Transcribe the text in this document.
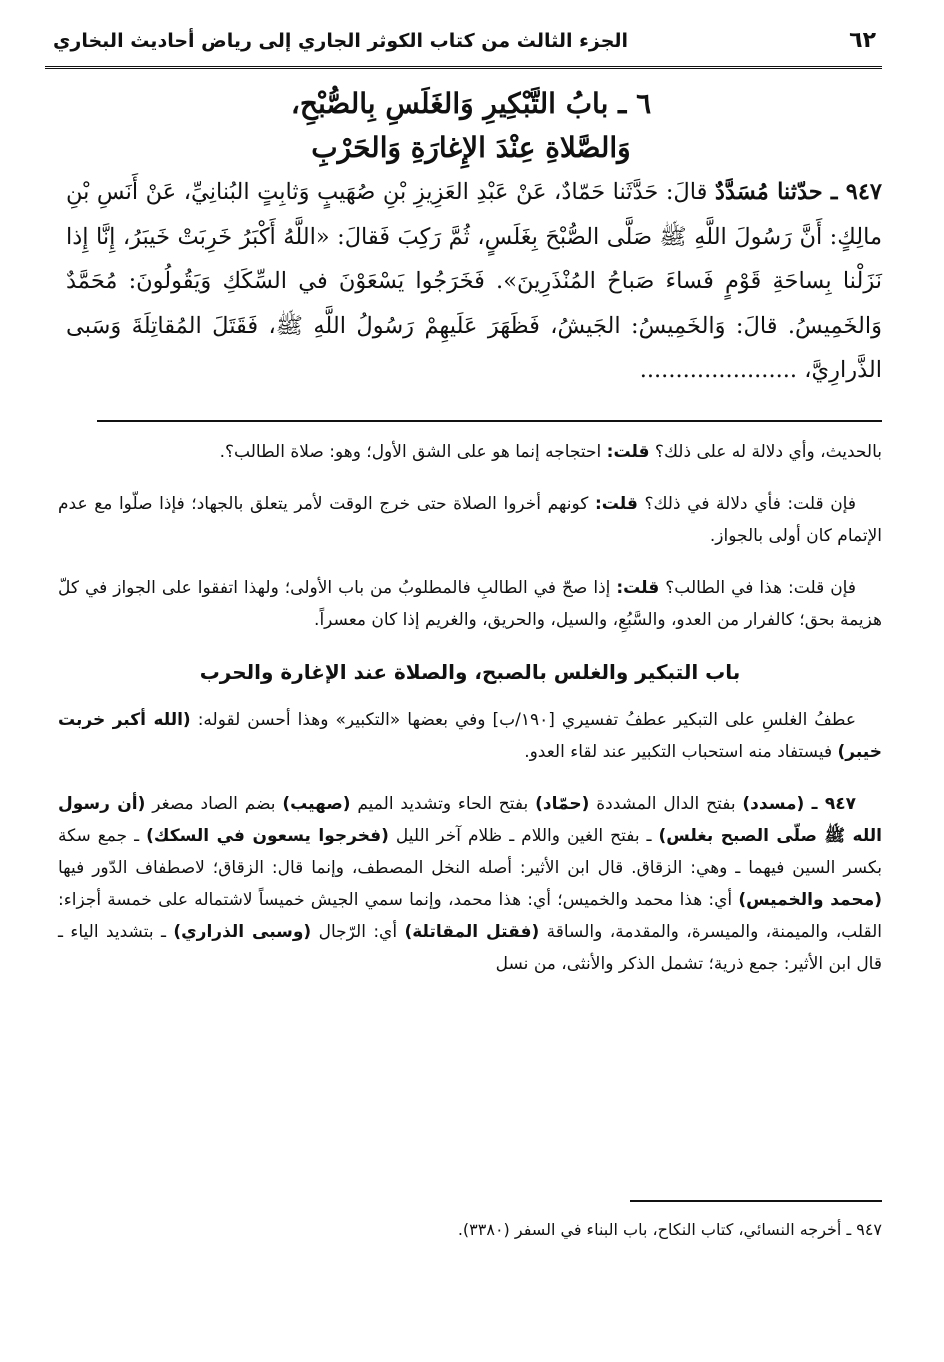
٦٢
الجزء الثالث من كتاب الكوثر الجاري إلى رياض أحاديث البخاري
٦ ـ بابُ التَّبْكِيرِ وَالغَلَسِ بِالصُّبْحِ،
وَالصَّلاةِ عِنْدَ الإِغارَةِ وَالحَرْبِ
٩٤٧ ـ حدّثنا مُسَدَّدٌ قالَ: حَدَّثَنا حَمّادٌ، عَنْ عَبْدِ العَزِيزِ بْنِ صُهَيبٍ وَثابِتٍ البُنانِيِّ، عَنْ أَنَسِ بْنِ مالِكٍ: أَنَّ رَسُولَ اللَّهِ ﷺ صَلَّى الصُّبْحَ بِغَلَسٍ، ثُمَّ رَكِبَ فَقالَ: «اللَّهُ أَكْبَرُ خَرِبَتْ خَيبَرُ، إِنَّا إِذا نَزَلْنا بِساحَةِ قَوْمٍ فَساءَ صَباحُ المُنْذَرِينَ». فَخَرَجُوا يَسْعَوْنَ في السِّكَكِ وَيَقُولُونَ: مُحَمَّدٌ وَالخَمِيسُ. قالَ: وَالخَمِيسُ: الجَيشُ، فَظَهَرَ عَلَيهِمْ رَسُولُ اللَّهِ ﷺ، فَقَتَلَ المُقاتِلَةَ وَسَبى الذَّرارِيَّ، ......................

بالحديث، وأي دلالة له على ذلك؟ قلت: احتجاجه إنما هو على الشق الأول؛ وهو: صلاة الطالب؟.

فإن قلت: فأي دلالة في ذلك؟ قلت: كونهم أخروا الصلاة حتى خرج الوقت لأمر يتعلق بالجهاد؛ فإذا صلّوا مع عدم الإتمام كان أولى بالجواز.

فإن قلت: هذا في الطالب؟ قلت: إذا صحّ في الطالبِ فالمطلوبُ من باب الأولى؛ ولهذا اتفقوا على الجواز في كلّ هزيمة بحق؛ كالفرار من العدو، والسَّبُعِ، والسيل، والحريق، والغريم إذا كان معسراً.

باب التبكير والغلس بالصبح، والصلاة عند الإغارة والحرب

عطفُ الغلسِ على التبكير عطفُ تفسيري [١٩٠/ب] وفي بعضها «التكبير» وهذا أحسن لقوله: (الله أكبر خربت خيبر) فيستفاد منه استحباب التكبير عند لقاء العدو.

٩٤٧ ـ (مسدد) بفتح الدال المشددة (حمّاد) بفتح الحاء وتشديد الميم (صهيب) بضم الصاد مصغر (أن رسول الله ﷺ صلّى الصبح بغلس) ـ بفتح الغين واللام ـ ظلام آخر الليل (فخرجوا يسعون في السكك) ـ جمع سكة بكسر السين فيهما ـ وهي: الزقاق. قال ابن الأثير: أصله النخل المصطف، وإنما قال: الزقاق؛ لاصطفاف الدّور فيها (محمد والخميس) أي: هذا محمد والخميس؛ أي: هذا محمد، وإنما سمي الجيش خميساً لاشتماله على خمسة أجزاء: القلب، والميمنة، والميسرة، والمقدمة، والساقة (فقتل المقاتلة) أي: الرّجال (وسبى الذراري) ـ بتشديد الياء ـ قال ابن الأثير: جمع ذرية؛ تشمل الذكر والأنثى، من نسل

٩٤٧ ـ أخرجه النسائي، كتاب النكاح، باب البناء في السفر (٣٣٨٠).
